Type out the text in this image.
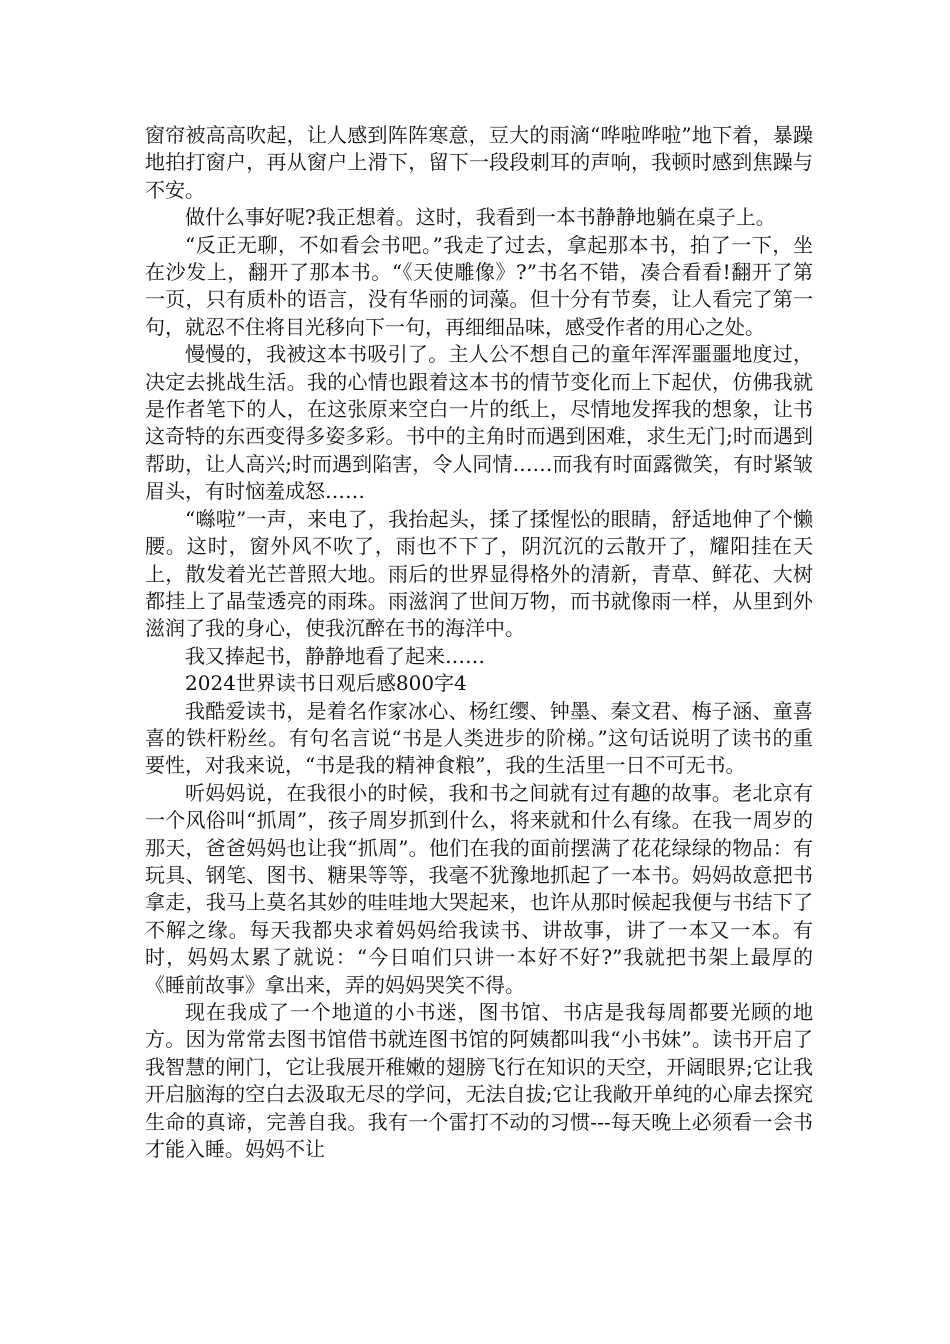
窗帘被高高吹起，让人感到阵阵寒意，豆大的雨滴“哗啦哗啦”地下着，暴躁地拍打窗户，再从窗户上滑下，留下一段段刺耳的声响，我顿时感到焦躁与不安。

做什么事好呢?我正想着。这时，我看到一本书静静地躺在桌子上。

“反正无聊，不如看会书吧。”我走了过去，拿起那本书，拍了一下，坐在沙发上，翻开了那本书。“《天使雕像》?”书名不错，凑合看看!翻开了第一页，只有质朴的语言，没有华丽的词藻。但十分有节奏，让人看完了第一句，就忍不住将目光移向下一句，再细细品味，感受作者的用心之处。

慢慢的，我被这本书吸引了。主人公不想自己的童年浑浑噩噩地度过，决定去挑战生活。我的心情也跟着这本书的情节变化而上下起伏，仿佛我就是作者笔下的人，在这张原来空白一片的纸上，尽情地发挥我的想象，让书这奇特的东西变得多姿多彩。书中的主角时而遇到困难，求生无门;时而遇到帮助，让人高兴;时而遇到陷害，令人同情……而我有时面露微笑，有时紧皱眉头，有时恼羞成怒……

“噝啦”一声，来电了，我抬起头，揉了揉惺忪的眼睛，舒适地伸了个懒腰。这时，窗外风不吹了，雨也不下了，阴沉沉的云散开了，耀阳挂在天上，散发着光芒普照大地。雨后的世界显得格外的清新，青草、鲜花、大树都挂上了晶莹透亮的雨珠。雨滋润了世间万物，而书就像雨一样，从里到外滋润了我的身心，使我沉醉在书的海洋中。

我又捧起书，静静地看了起来……

2024世界读书日观后感800字4

我酷爱读书，是着名作家冰心、杨红缨、钟墨、秦文君、梅子涵、童喜喜的铁杆粉丝。有句名言说“书是人类进步的阶梯。”这句话说明了读书的重要性，对我来说，“书是我的精神食粮”，我的生活里一日不可无书。

听妈妈说，在我很小的时候，我和书之间就有过有趣的故事。老北京有一个风俗叫“抓周”，孩子周岁抓到什么，将来就和什么有缘。在我一周岁的那天，爸爸妈妈也让我“抓周”。他们在我的面前摆满了花花绿绿的物品：有玩具、钢笔、图书、糖果等等，我毫不犹豫地抓起了一本书。妈妈故意把书拿走，我马上莫名其妙的哇哇地大哭起来，也许从那时候起我便与书结下了不解之缘。每天我都央求着妈妈给我读书、讲故事，讲了一本又一本。有时，妈妈太累了就说：“今日咱们只讲一本好不好?”我就把书架上最厚的《睡前故事》拿出来，弄的妈妈哭笑不得。

现在我成了一个地道的小书迷，图书馆、书店是我每周都要光顾的地方。因为常常去图书馆借书就连图书馆的阿姨都叫我“小书妹”。读书开启了我智慧的闸门，它让我展开稚嫩的翅膀飞行在知识的天空，开阔眼界;它让我开启脑海的空白去汲取无尽的学问，无法自拔;它让我敞开单纯的心扉去探究生命的真谛，完善自我。我有一个雷打不动的习惯---每天晚上必须看一会书才能入睡。妈妈不让
